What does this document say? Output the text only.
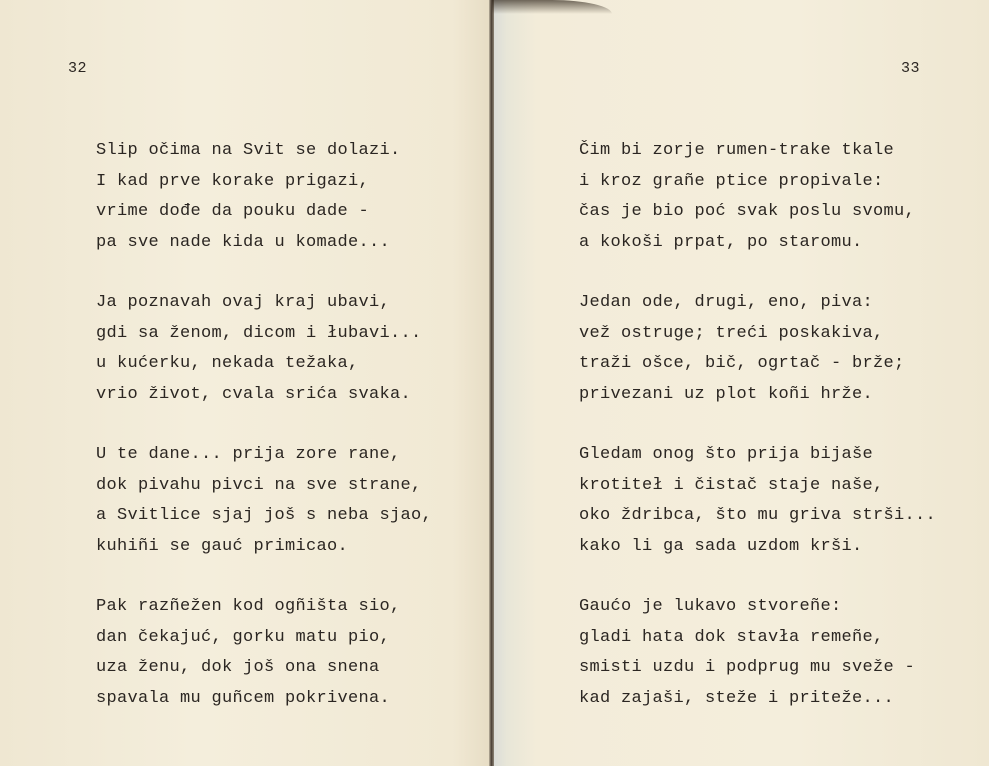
32
Slip očima na Svit se dolazi.
I kad prve korake prigazi,
vrime dođe da pouku dade -
pa sve nade kida u komade...
Ja poznavah ovaj kraj ubavi,
gdi sa ženom, dicom i łubavi...
u kućerku, nekada težaka,
vrio život, cvala srića svaka.
U te dane... prija zore rane,
dok pivahu pivci na sve strane,
a Svitlice sjaj još s neba sjao,
kuhiñi se gauć primicao.
Pak razñežen kod ogñišta sio,
dan čekajuć, gorku matu pio,
uza ženu, dok još ona snena
spavala mu guñcem pokrivena.
33
Čim bi zorje rumen-trake tkale
i kroz grañe ptice propivale:
čas je bio poć svak poslu svomu,
a kokoši prpat, po staromu.
Jedan ode, drugi, eno, piva:
vež ostruge; treći poskakiva,
traži ošce, bič, ogrtač - brže;
privezani uz plot koñi hrže.
Gledam onog što prija bijaše
krotiteł i čistač staje naše,
oko ždribca, što mu griva strši...
kako li ga sada uzdom krši.
Gaućo je lukavo stvoreñe:
gladi hata dok stavła remeñe,
smisti uzdu i podprug mu sveže -
kad zajaši, steže i priteže...
